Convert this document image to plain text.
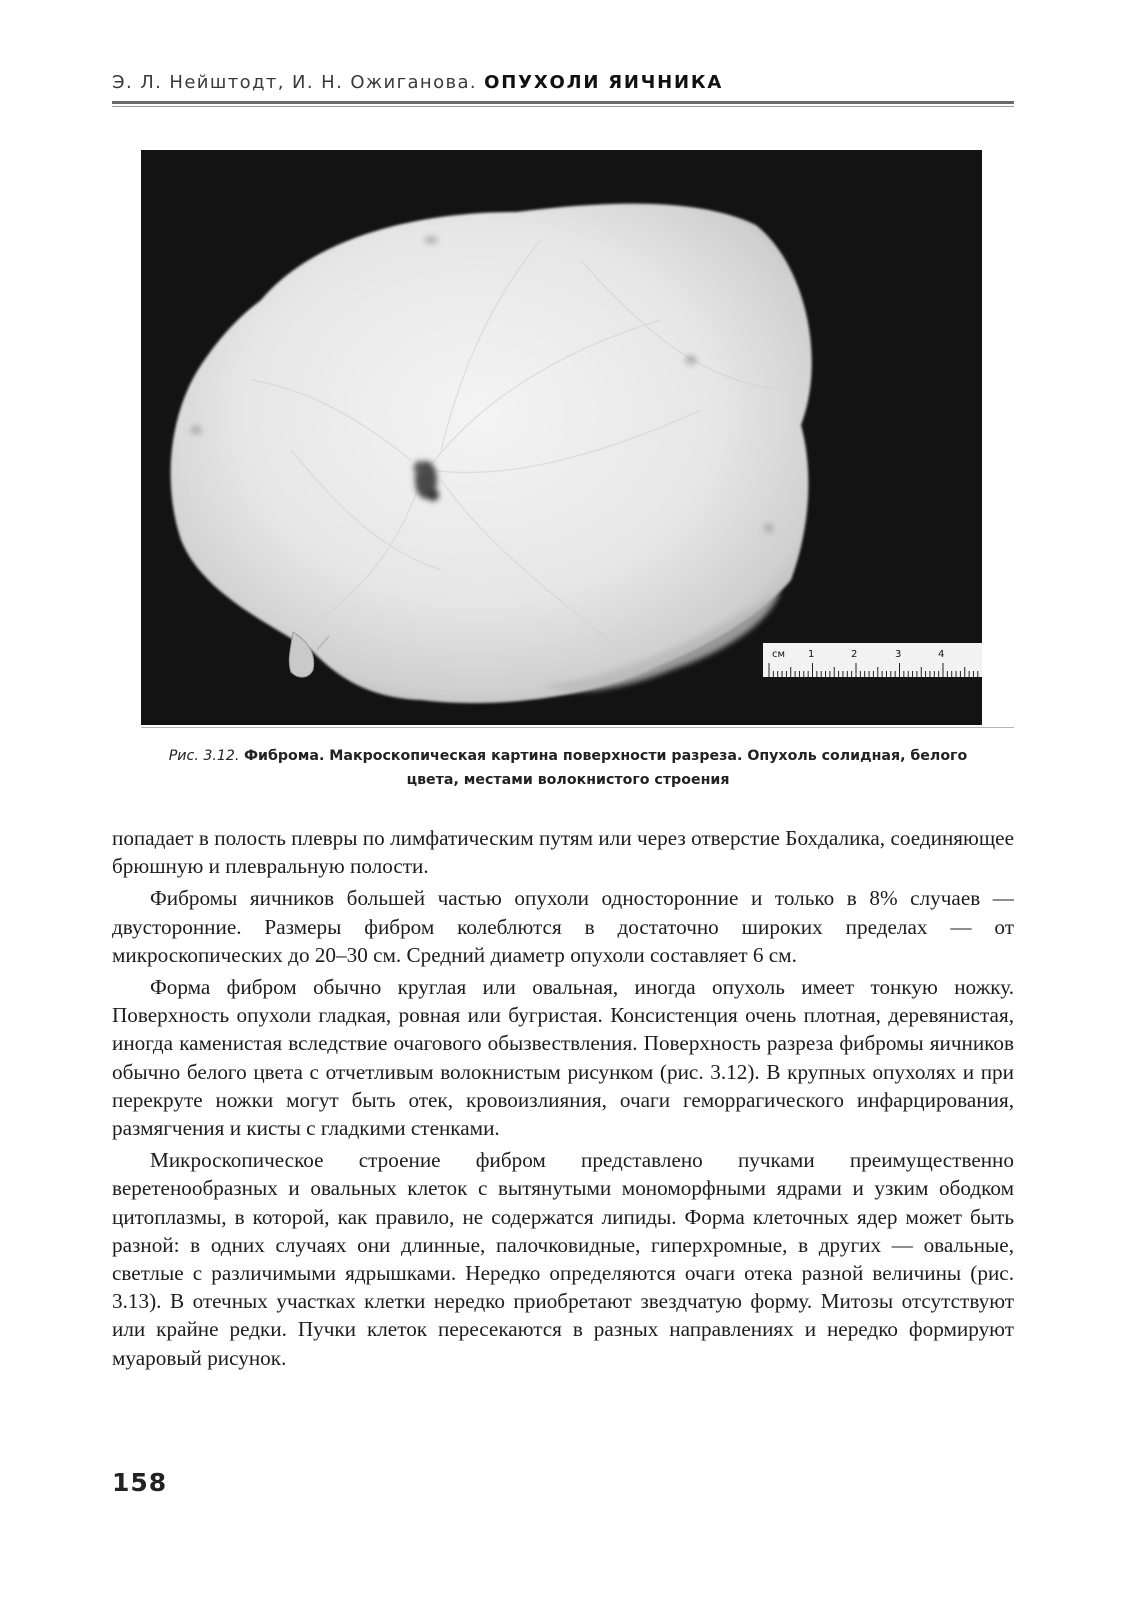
Э. Л. Нейштодт, И. Н. Ожиганова. ОПУХОЛИ ЯИЧНИКА
см 1	2	3	4
Рис. 3.12. Фиброма. Макроскопическая картина поверхности разреза. Опухоль солидная, белого цвета, местами волокнистого строения

попадает в полость плевры по лимфатическим путям или через отверстие Бохдалика, соединяющее брюшную и плевральную полости.

Фибромы яичников большей частью опухоли односторонние и только в 8% случаев — двусторонние. Размеры фибром колеблются в достаточно широких пределах — от микроскопических до 20–30 см. Средний диаметр опухоли составляет 6 см.

Форма фибром обычно круглая или овальная, иногда опухоль имеет тонкую ножку. Поверхность опухоли гладкая, ровная или бугристая. Консистенция очень плотная, деревянистая, иногда каменистая вследствие очагового обызвествления. Поверхность разреза фибромы яичников обычно белого цвета с отчетливым волокнистым рисунком (рис. 3.12). В крупных опухолях и при перекруте ножки могут быть отек, кровоизлияния, очаги геморрагического инфарцирования, размягчения и кисты с гладкими стенками.

Микроскопическое строение фибром представлено пучками преимущественно веретенообразных и овальных клеток с вытянутыми мономорфными ядрами и узким ободком цитоплазмы, в которой, как правило, не содержатся липиды. Форма клеточных ядер может быть разной: в одних случаях они длинные, палочковидные, гиперхромные, в других — овальные, светлые с различимыми ядрышками. Нередко определяются очаги отека разной величины (рис. 3.13). В отечных участках клетки нередко приобретают звездчатую форму. Митозы отсутствуют или крайне редки. Пучки клеток пересекаются в разных направлениях и нередко формируют муаровый рисунок.

158
